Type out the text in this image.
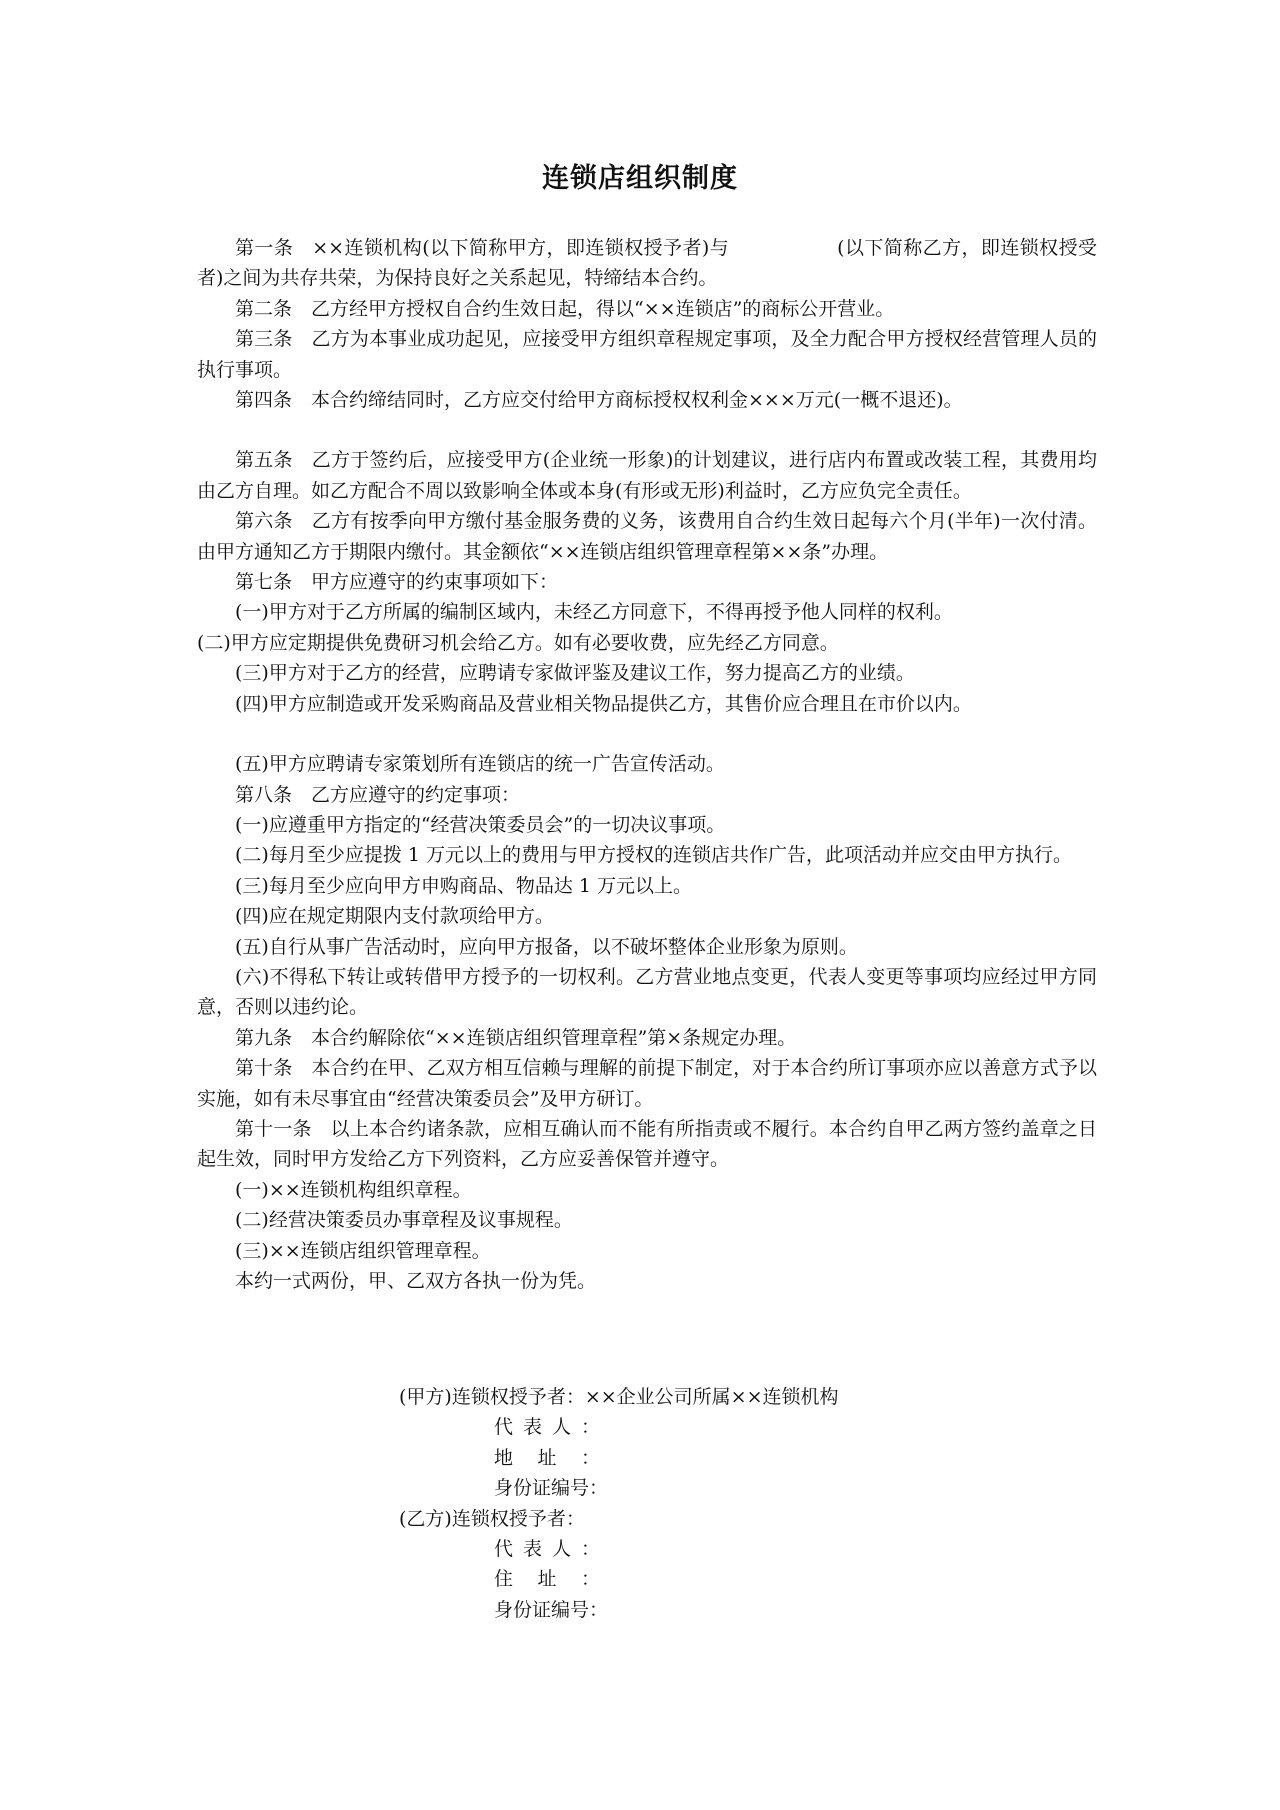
连锁店组织制度

第一条 ××连锁机构(以下简称甲方，即连锁权授予者)与	(以下简称乙方，即连锁权授受者)之间为共存共荣，为保持良好之关系起见，特缔结本合约。

第二条 乙方经甲方授权自合约生效日起，得以“××连锁店”的商标公开营业。

第三条 乙方为本事业成功起见，应接受甲方组织章程规定事项，及全力配合甲方授权经营管理人员的执行事项。

第四条 本合约缔结同时，乙方应交付给甲方商标授权权利金×××万元(一概不退还)。

第五条 乙方于签约后，应接受甲方(企业统一形象)的计划建议，进行店内布置或改装工程，其费用均由乙方自理。如乙方配合不周以致影响全体或本身(有形或无形)利益时，乙方应负完全责任。

第六条 乙方有按季向甲方缴付基金服务费的义务，该费用自合约生效日起每六个月(半年)一次付清。由甲方通知乙方于期限内缴付。其金额依“××连锁店组织管理章程第××条”办理。

第七条 甲方应遵守的约束事项如下：

(一)甲方对于乙方所属的编制区域内，未经乙方同意下，不得再授予他人同样的权利。

(二)甲方应定期提供免费研习机会给乙方。如有必要收费，应先经乙方同意。

(三)甲方对于乙方的经营，应聘请专家做评鉴及建议工作，努力提高乙方的业绩。

(四)甲方应制造或开发采购商品及营业相关物品提供乙方，其售价应合理且在市价以内。

(五)甲方应聘请专家策划所有连锁店的统一广告宣传活动。

第八条 乙方应遵守的约定事项：

(一)应遵重甲方指定的“经营决策委员会”的一切决议事项。

(二)每月至少应提拨 1 万元以上的费用与甲方授权的连锁店共作广告，此项活动并应交由甲方执行。

(三)每月至少应向甲方申购商品、物品达 1 万元以上。

(四)应在规定期限内支付款项给甲方。

(五)自行从事广告活动时，应向甲方报备，以不破坏整体企业形象为原则。

(六)不得私下转让或转借甲方授予的一切权利。乙方营业地点变更，代表人变更等事项均应经过甲方同意，否则以违约论。

第九条 本合约解除依“××连锁店组织管理章程”第×条规定办理。

第十条 本合约在甲、乙双方相互信赖与理解的前提下制定，对于本合约所订事项亦应以善意方式予以实施，如有未尽事宜由“经营决策委员会”及甲方研订。

第十一条 以上本合约诸条款，应相互确认而不能有所指责或不履行。本合约自甲乙两方签约盖章之日起生效，同时甲方发给乙方下列资料，乙方应妥善保管并遵守。

(一)××连锁机构组织章程。

(二)经营决策委员办事章程及议事规程。

(三)××连锁店组织管理章程。

本约一式两份，甲、乙双方各执一份为凭。

(甲方)连锁权授予者：××企业公司所属××连锁机构
代表人：
地址：
身份证编号：
(乙方)连锁权授予者：
代表人：
住址：
身份证编号：
